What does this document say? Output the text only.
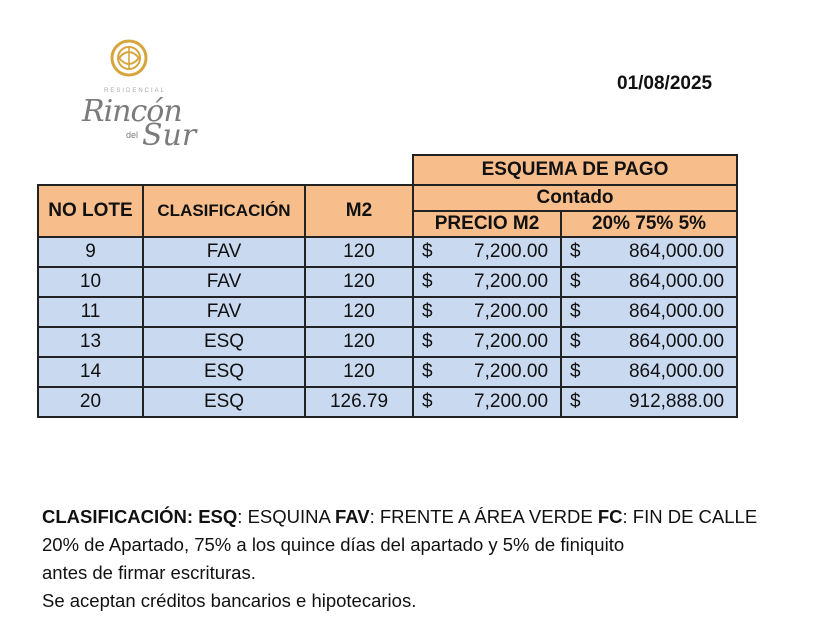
RESIDENCIAL
Rincón
del Sur
01/08/2025
			ESQUEMA DE PAGO	
NO LOTE	CLASIFICACIÓN	M2	Contado	
			PRECIO M2	20% 75% 5%
9	FAV	120	$ 7,200.00	$ 864,000.00

10	FAV	120	$ 7,200.00	$ 864,000.00

11	FAV	120	$ 7,200.00	$ 864,000.00

13	ESQ	120	$ 7,200.00	$ 864,000.00

14	ESQ	120	$ 7,200.00	$ 864,000.00

20	ESQ	126.79	$ 7,200.00	$ 912,888.00

CLASIFICACIÓN: ESQ: ESQUINA FAV: FRENTE A ÁREA VERDE FC: FIN DE CALLE

20% de Apartado, 75% a los quince días del apartado y 5% de finiquito

antes de firmar escrituras.

Se aceptan créditos bancarios e hipotecarios.
